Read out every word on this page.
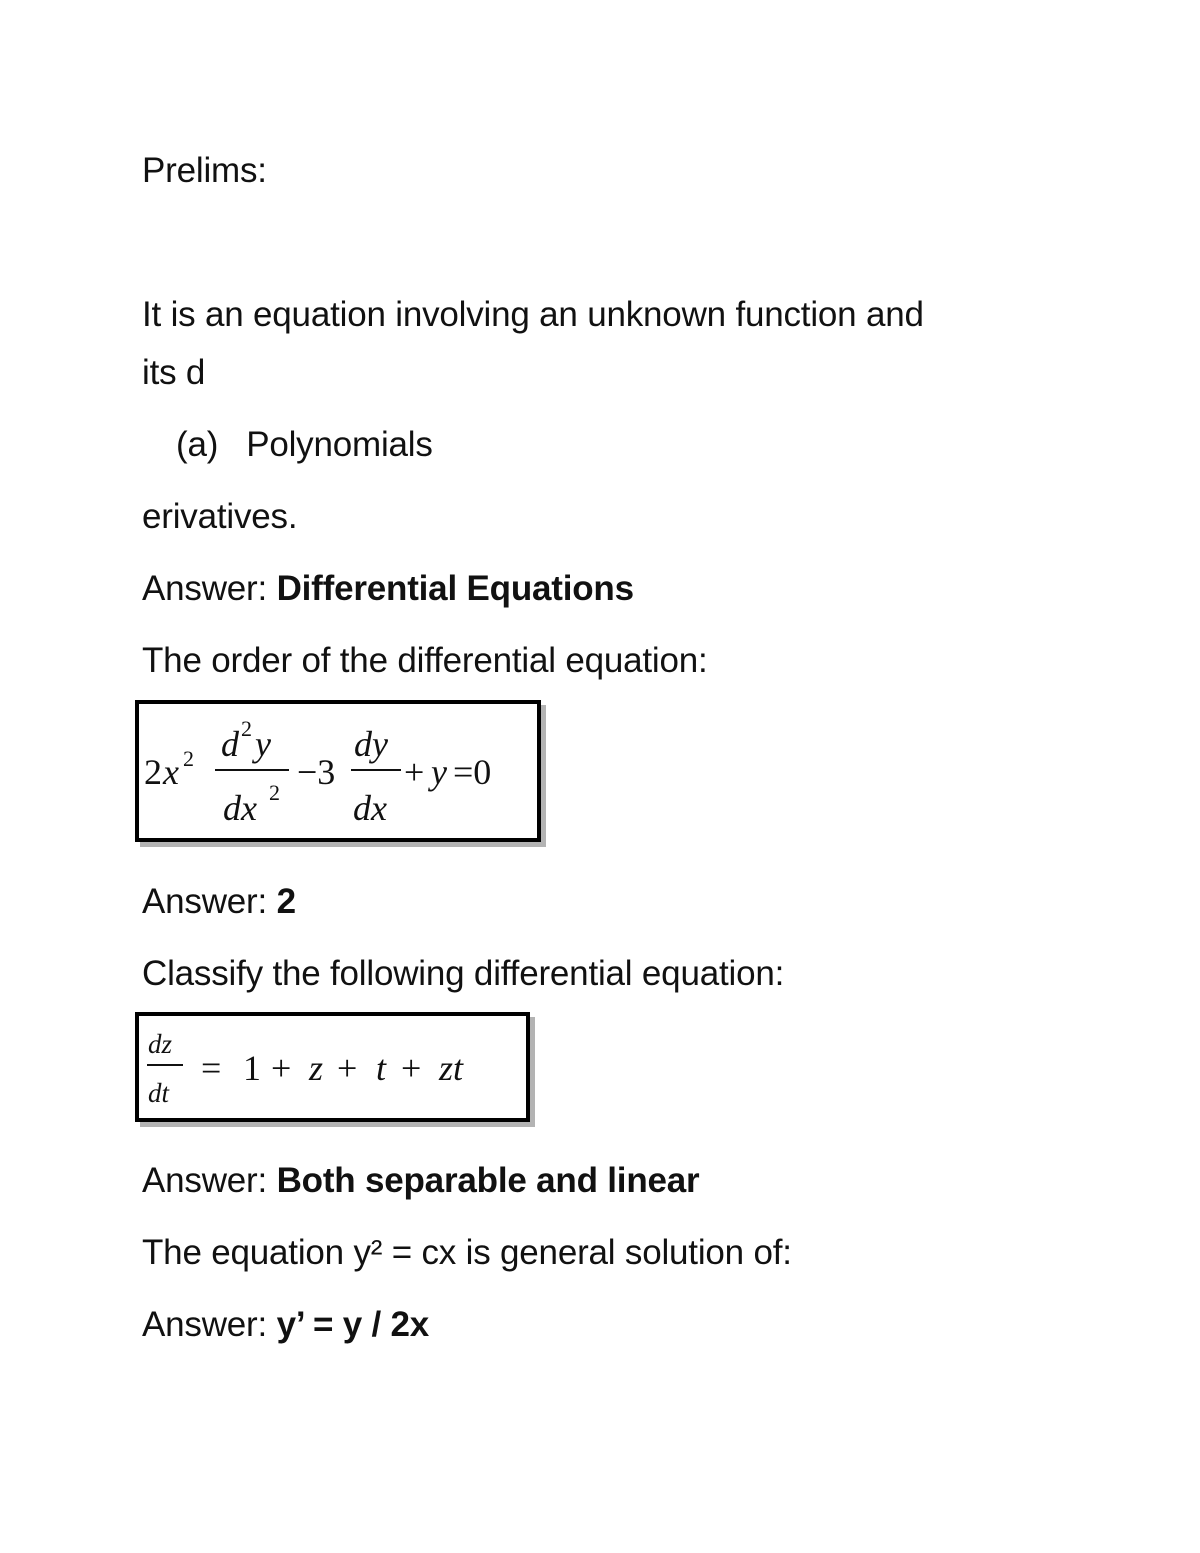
Prelims:
It is an equation involving an unknown function and
its d
(a) Polynomials
erivatives.
Answer: Differential Equations
The order of the differential equation:
2 x 2 d 2 y
dx 2
−3
dy
dx
+ y =0
Answer: 2
Classify the following differential equation:
dz
dt
= 1 + z + t + zt
Answer: Both separable and linear
The equation y² = cx is general solution of:
Answer: y’ = y / 2x
